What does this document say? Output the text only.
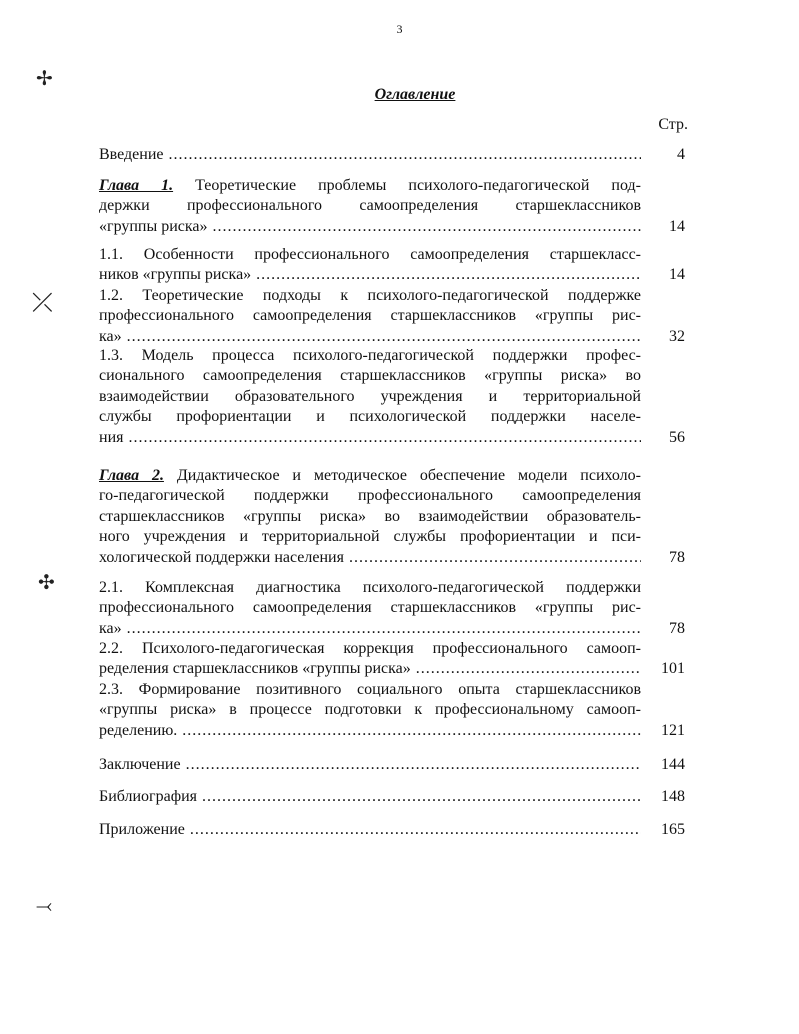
3
Оглавление
Стр.
✢
⤫
✣
⤙
Введение .....	4
Глава 1. Теоретические проблемы психолого-педагогической под-
держки профессионального самоопределения старшеклассников
«группы риска» .....	14
1.1. Особенности профессионального самоопределения старшекласс-
ников «группы риска» .....	14
1.2. Теоретические подходы к психолого-педагогической поддержке
профессионального самоопределения старшеклассников «группы рис-
ка» .....	32
1.3. Модель процесса психолого-педагогической поддержки профес-
сионального самоопределения старшеклассников «группы риска» во
взаимодействии образовательного учреждения и территориальной
службы профориентации и психологической поддержки населе-
ния .....	56
Глава 2. Дидактическое и методическое обеспечение модели психоло-
го-педагогической поддержки профессионального самоопределения
старшеклассников «группы риска» во взаимодействии образователь-
ного учреждения и территориальной службы профориентации и пси-
хологической поддержки населения .....	78
2.1. Комплексная диагностика психолого-педагогической поддержки
профессионального самоопределения старшеклассников «группы рис-
ка» .....	78
2.2. Психолого-педагогическая коррекция профессионального самооп-
ределения старшеклассников «группы риска» .....	101
2.3. Формирование позитивного социального опыта старшеклассников
«группы риска» в процессе подготовки к профессиональному самооп-
ределению. .....	121
Заключение .....	144
Библиография .....	148
Приложение .....	165
